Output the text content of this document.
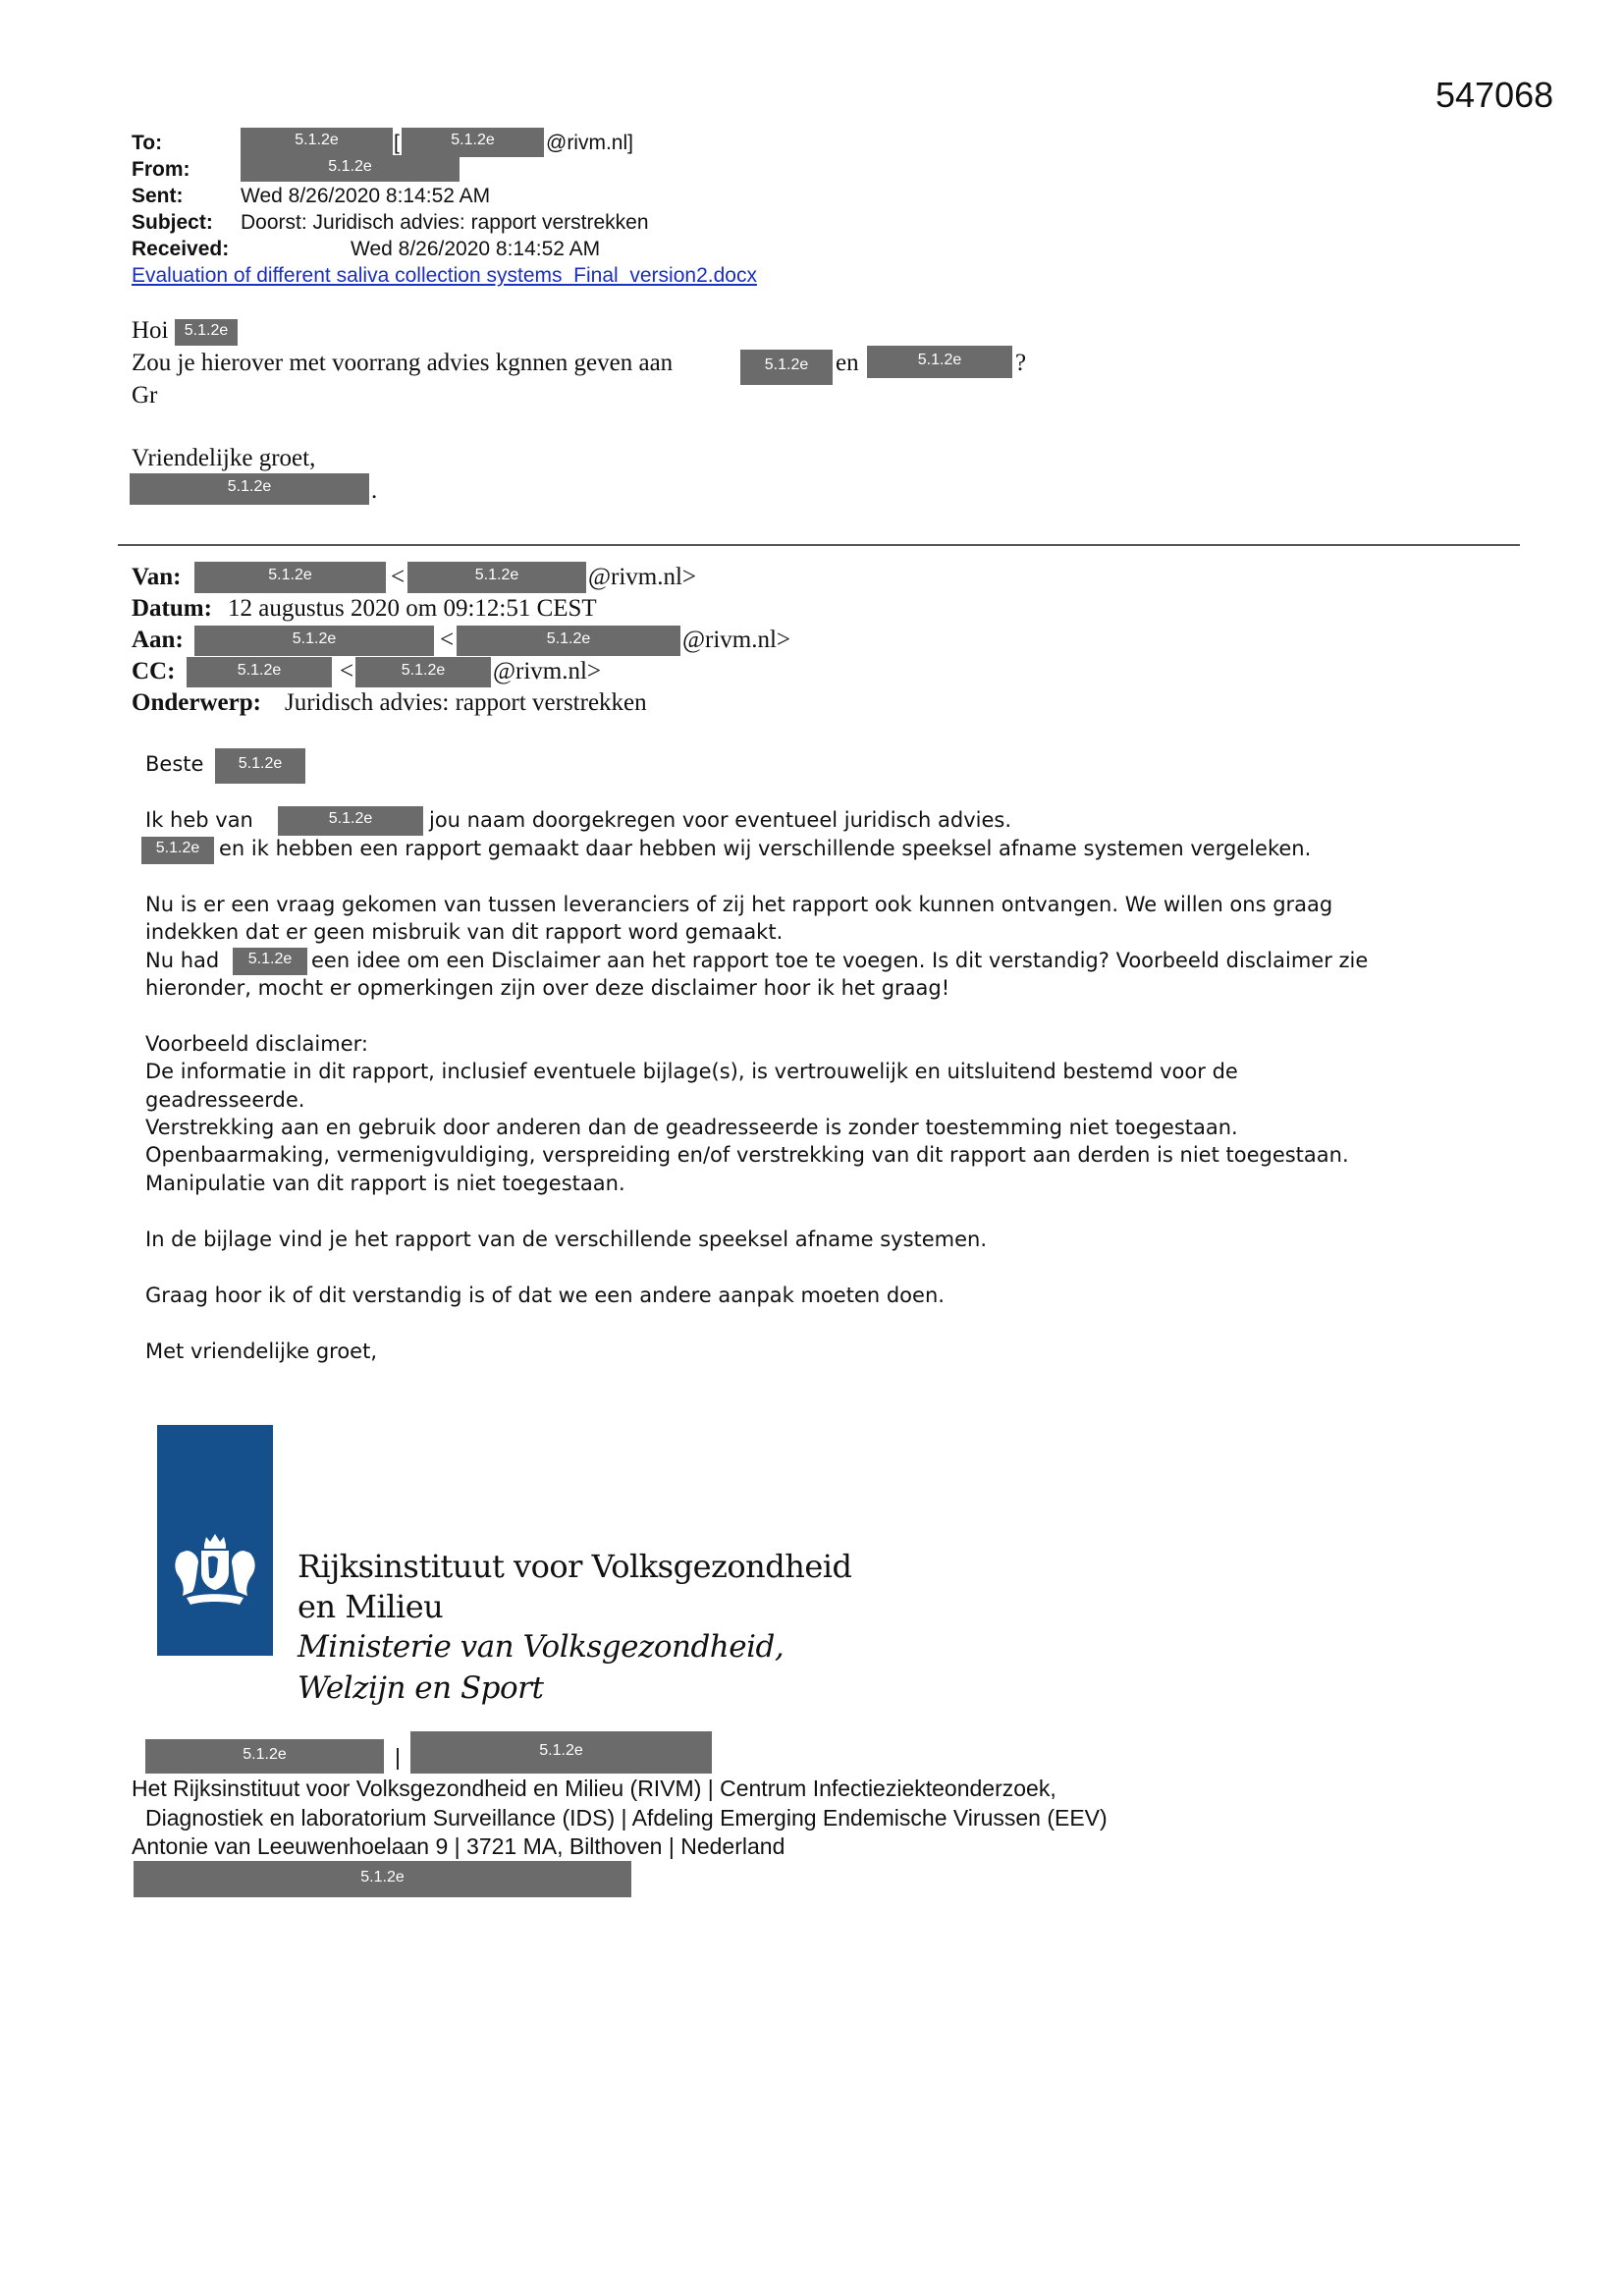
547068
To:	5.1.2e	[	5.1.2e	@rivm.nl]
From:	5.1.2e
Sent:	Wed 8/26/2020 8:14:52 AM
Subject: Doorst: Juridisch advies: rapport verstrekken
Received:	Wed 8/26/2020 8:14:52 AM
Evaluation of different saliva collection systems_Final_version2.docx
Hoi	5.1.2e
Zou je hierover met voorrang advies kgnnen geven aan	5.1.2e	en	5.1.2e	?
Gr
Vriendelijke groet,
5.1.2e	.
Van:	5.1.2e	<	5.1.2e	@rivm.nl>
Datum: 12 augustus 2020 om 09:12:51 CEST
Aan:	5.1.2e	<	5.1.2e	@rivm.nl>
CC:	5.1.2e	<	5.1.2e	@rivm.nl>
Onderwerp: Juridisch advies: rapport verstrekken
Beste	5.1.2e
Ik heb van	5.1.2e	jou naam doorgekregen voor eventueel juridisch advies.
5.1.2e en ik hebben een rapport gemaakt daar hebben wij verschillende speeksel afname systemen vergeleken.
Nu is er een vraag gekomen van tussen leveranciers of zij het rapport ook kunnen ontvangen. We willen ons graag
indekken dat er geen misbruik van dit rapport word gemaakt.
Nu had	5.1.2e een idee om een Disclaimer aan het rapport toe te voegen. Is dit verstandig? Voorbeeld disclaimer zie
hieronder, mocht er opmerkingen zijn over deze disclaimer hoor ik het graag!
Voorbeeld disclaimer:
De informatie in dit rapport, inclusief eventuele bijlage(s), is vertrouwelijk en uitsluitend bestemd voor de
geadresseerde.
Verstrekking aan en gebruik door anderen dan de geadresseerde is zonder toestemming niet toegestaan.
Openbaarmaking, vermenigvuldiging, verspreiding en/of verstrekking van dit rapport aan derden is niet toegestaan.
Manipulatie van dit rapport is niet toegestaan.
In de bijlage vind je het rapport van de verschillende speeksel afname systemen.
Graag hoor ik of dit verstandig is of dat we een andere aanpak moeten doen.
Met vriendelijke groet,
Rijksinstituut voor Volksgezondheid
en Milieu
Ministerie van Volksgezondheid,
Welzijn en Sport
5.1.2e	|	5.1.2e
Het Rijksinstituut voor Volksgezondheid en Milieu (RIVM) | Centrum Infectieziekteonderzoek,
Diagnostiek en laboratorium Surveillance (IDS) | Afdeling Emerging Endemische Virussen (EEV)
Antonie van Leeuwenhoelaan 9 | 3721 MA, Bilthoven | Nederland
5.1.2e
